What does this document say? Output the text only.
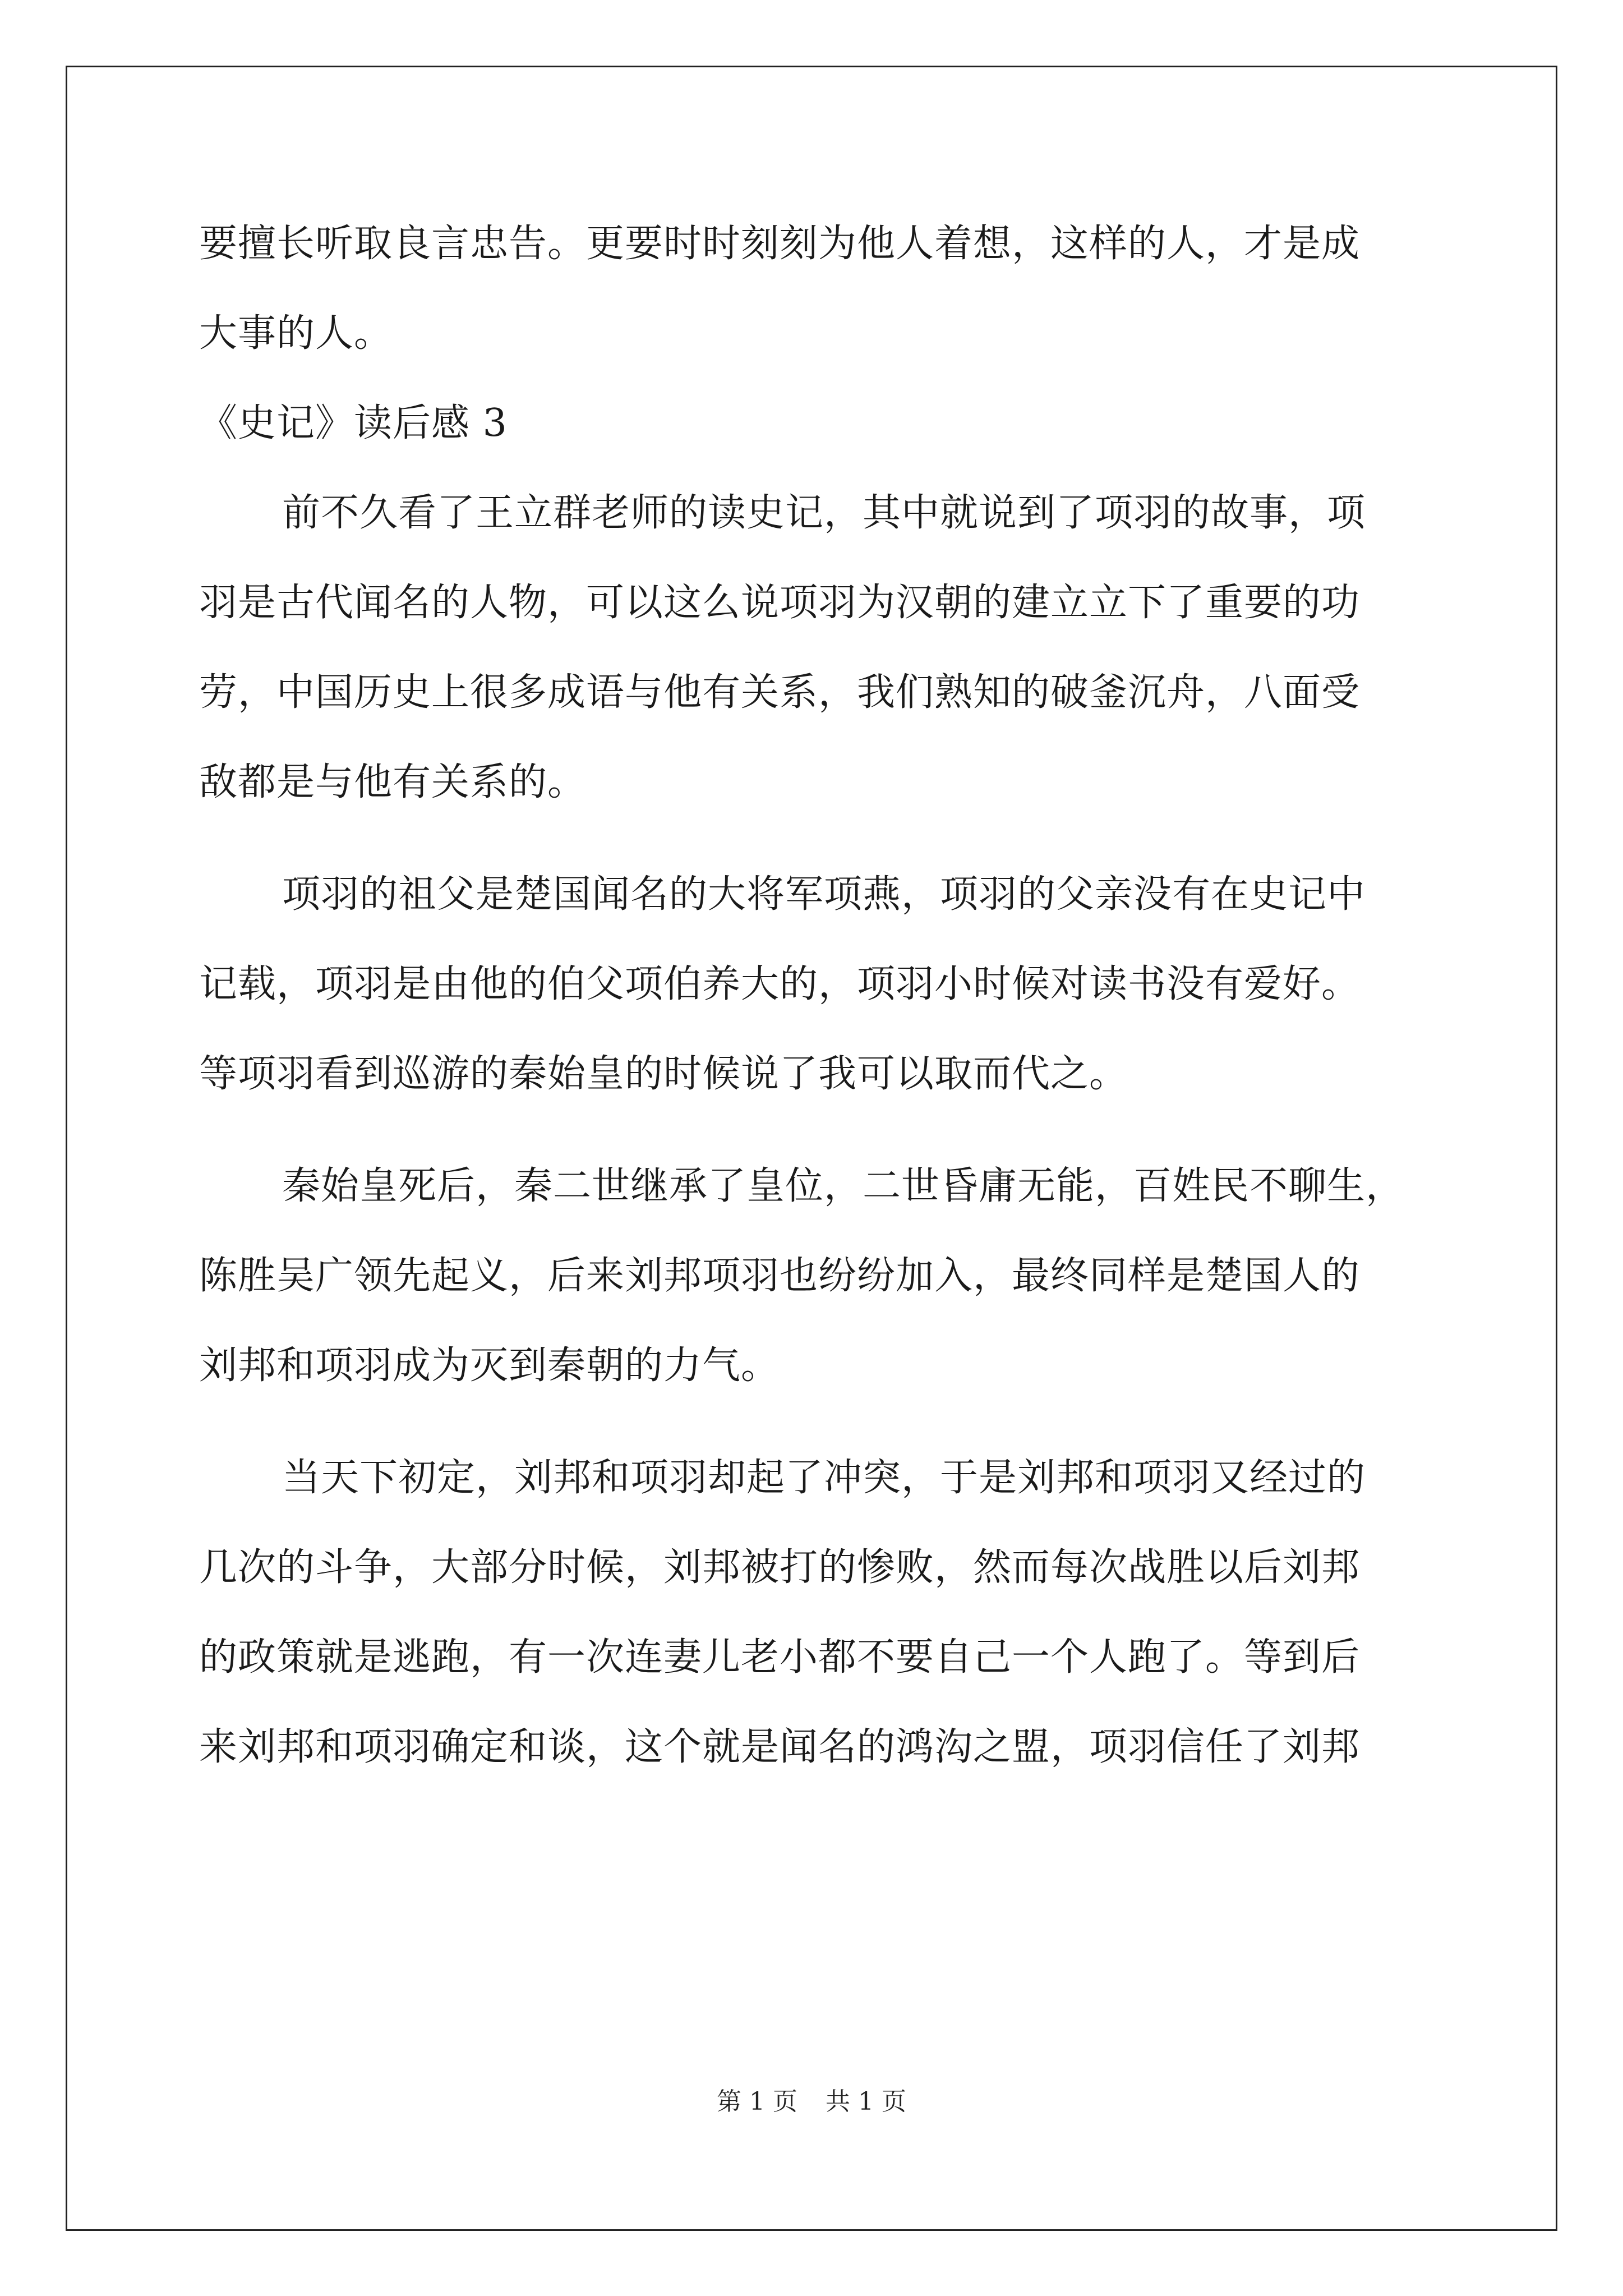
要擅长听取良言忠告。更要时时刻刻为他人着想，这样的人，才是成
大事的人。
《史记》读后感 3
前不久看了王立群老师的读史记，其中就说到了项羽的故事，项
羽是古代闻名的人物，可以这么说项羽为汉朝的建立立下了重要的功
劳，中国历史上很多成语与他有关系，我们熟知的破釜沉舟，八面受
敌都是与他有关系的。
项羽的祖父是楚国闻名的大将军项燕，项羽的父亲没有在史记中
记载，项羽是由他的伯父项伯养大的，项羽小时候对读书没有爱好。
等项羽看到巡游的秦始皇的时候说了我可以取而代之。
秦始皇死后，秦二世继承了皇位，二世昏庸无能，百姓民不聊生，
陈胜吴广领先起义，后来刘邦项羽也纷纷加入，最终同样是楚国人的
刘邦和项羽成为灭到秦朝的力气。
当天下初定，刘邦和项羽却起了冲突，于是刘邦和项羽又经过的
几次的斗争，大部分时候，刘邦被打的惨败，然而每次战胜以后刘邦
的政策就是逃跑，有一次连妻儿老小都不要自己一个人跑了。等到后
来刘邦和项羽确定和谈，这个就是闻名的鸿沟之盟，项羽信任了刘邦
第 1 页 共 1 页
